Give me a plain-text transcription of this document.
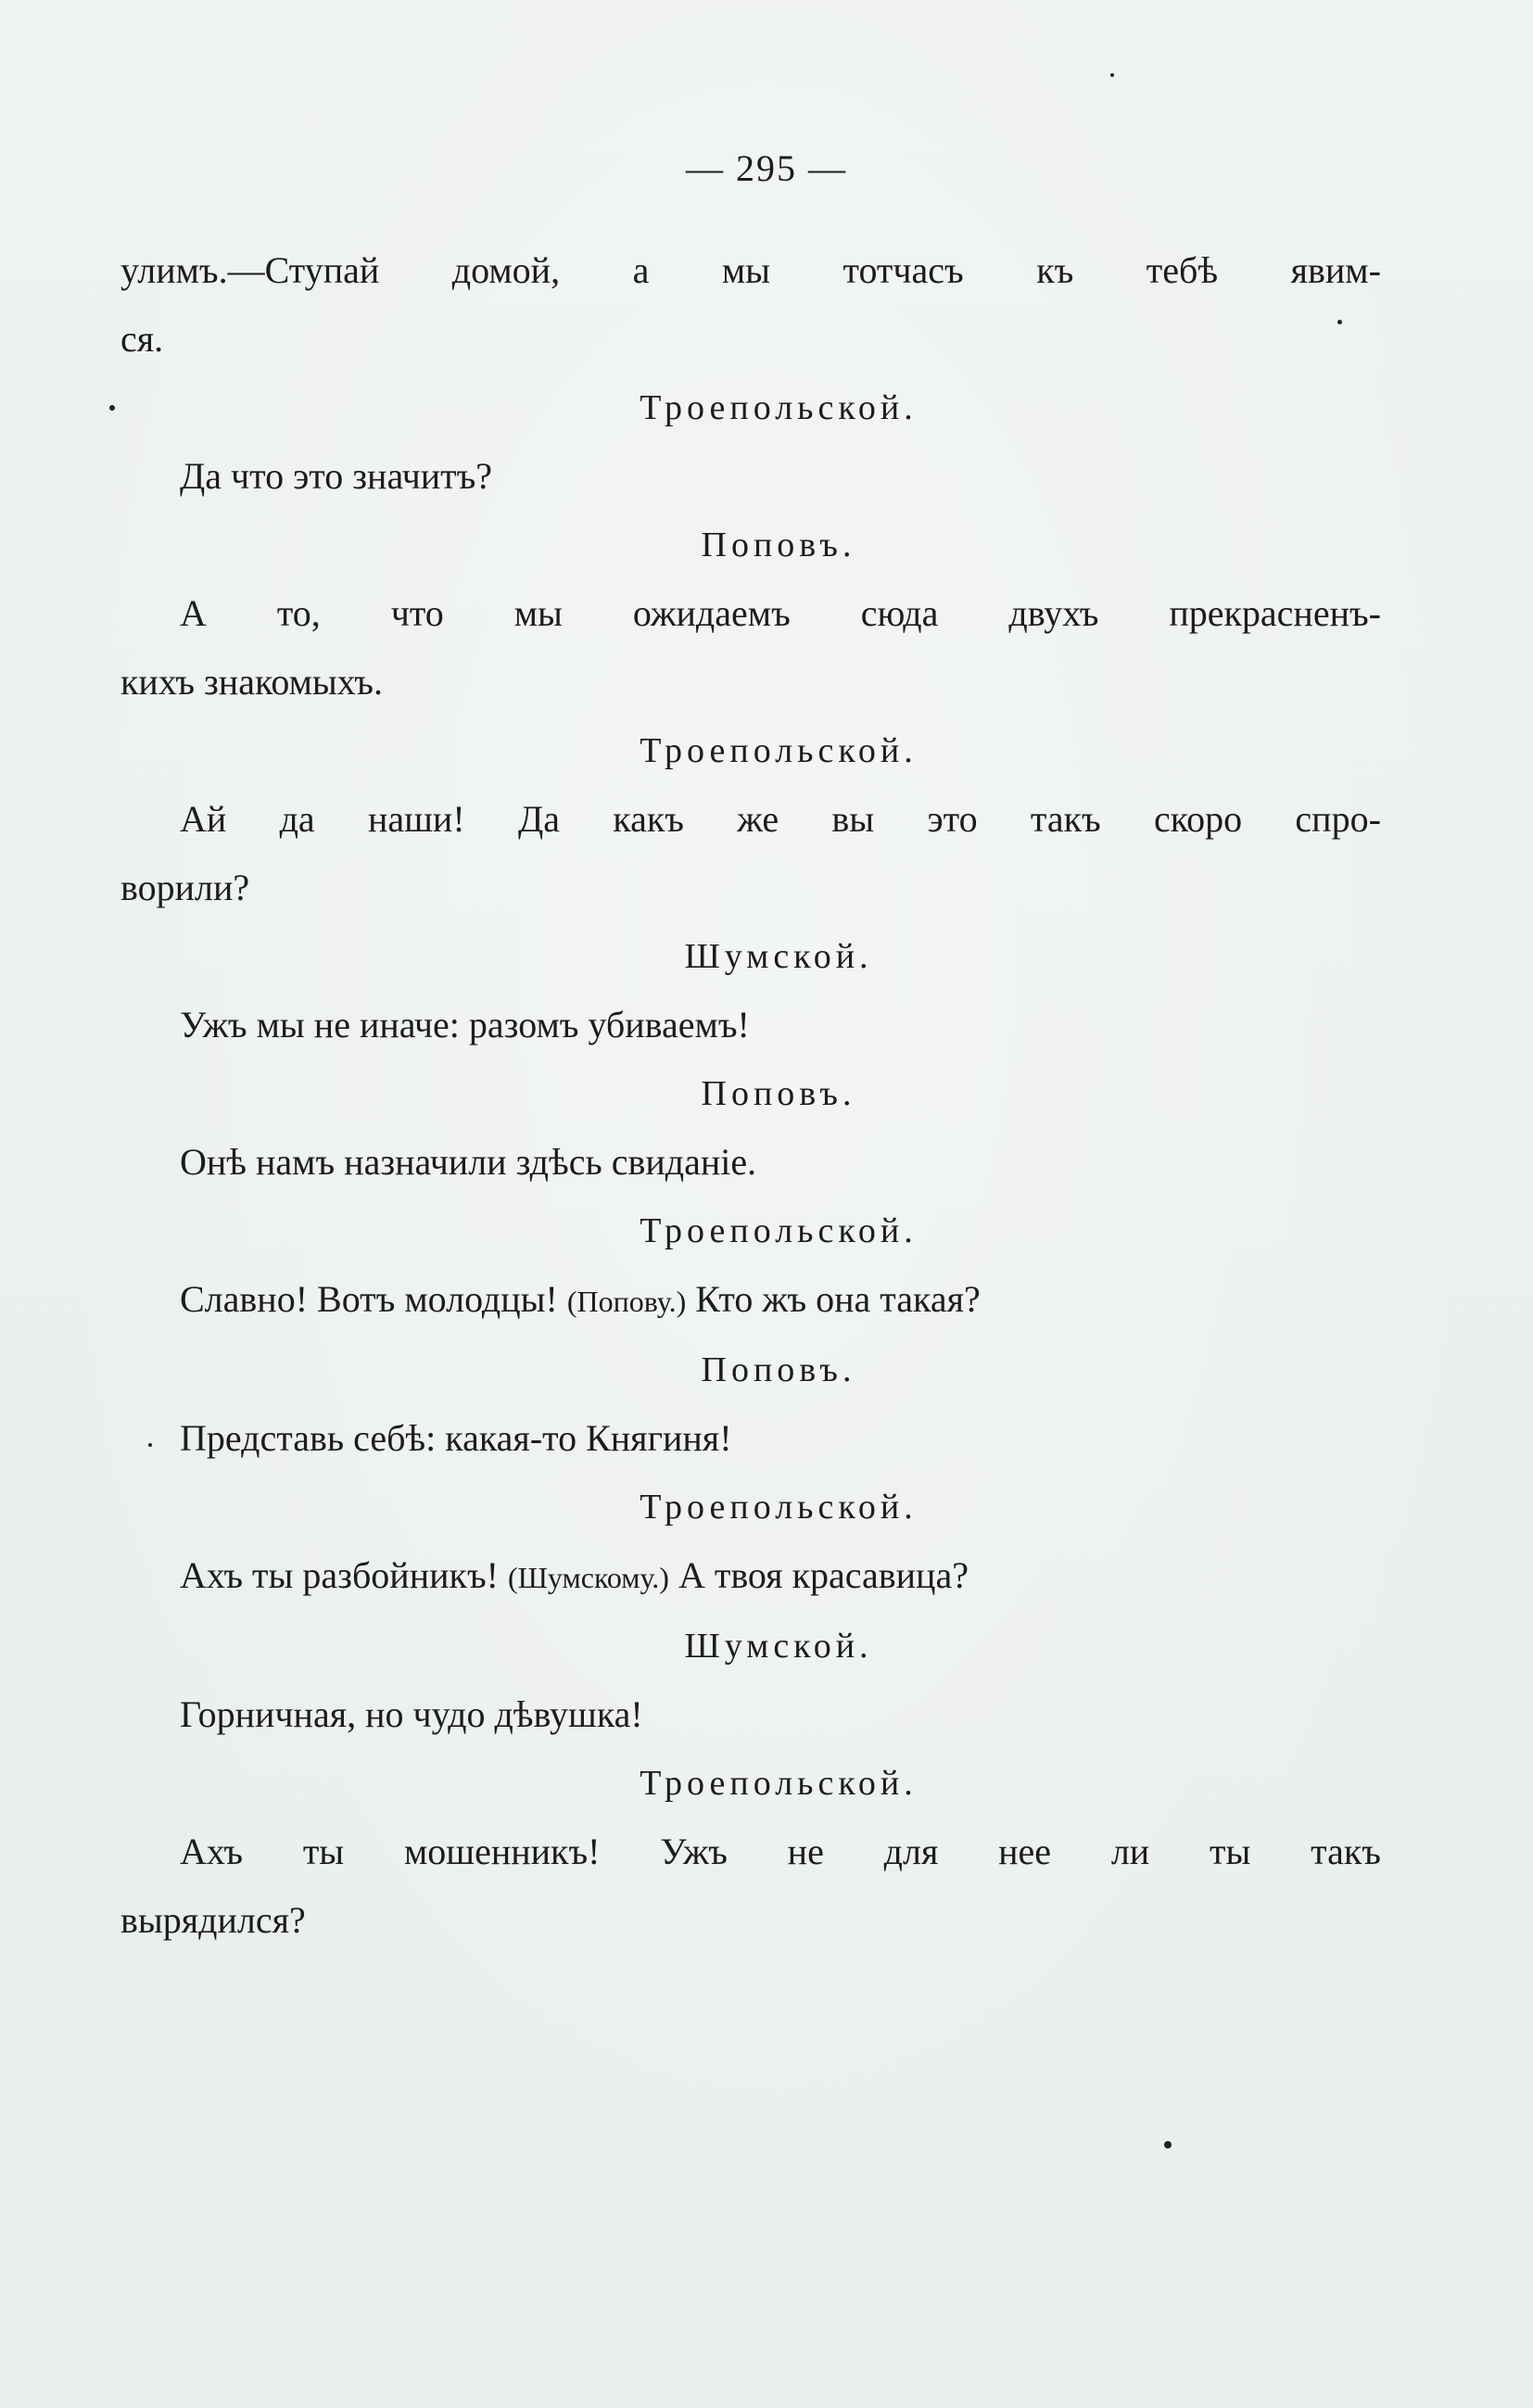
— 295 —
улимъ.—Ступай домой, а мы тотчасъ къ тебѣ явим-
ся.
Троепольской.
Да что это значитъ?
Поповъ.
А то, что мы ожидаемъ сюда двухъ прекрасненъ-
кихъ знакомыхъ.
Троепольской.
Ай да наши! Да какъ же вы это такъ скоро спро-
ворили?
Шумской.
Ужъ мы не иначе: разомъ убиваемъ!
Поповъ.
Онѣ намъ назначили здѣсь свиданіе.
Троепольской.
Славно! Вотъ молодцы! (Попову.) Кто жъ она такая?
Поповъ.
Представь себѣ: какая-то Княгиня!
Троепольской.
Ахъ ты разбойникъ! (Шумскому.) А твоя красавица?
Шумской.
Горничная, но чудо дѣвушка!
Троепольской.
Ахъ ты мошенникъ! Ужъ не для нее ли ты такъ
вырядился?
